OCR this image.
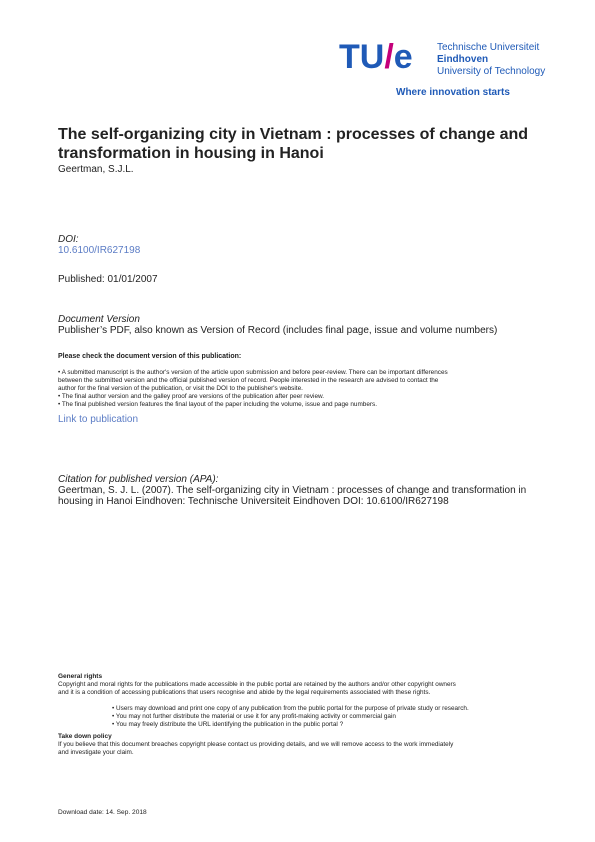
TU/e Technische Universiteit
Eindhoven
University of Technology
Where innovation starts
The self-organizing city in Vietnam : processes of change and transformation in housing in Hanoi
Geertman, S.J.L.
DOI:
10.6100/IR627198
Published: 01/01/2007
Document Version
Publisher’s PDF, also known as Version of Record (includes final page, issue and volume numbers)
Please check the document version of this publication:
• A submitted manuscript is the author's version of the article upon submission and before peer-review. There can be important differences
between the submitted version and the official published version of record. People interested in the research are advised to contact the
author for the final version of the publication, or visit the DOI to the publisher's website.
• The final author version and the galley proof are versions of the publication after peer review.
• The final published version features the final layout of the paper including the volume, issue and page numbers.
Link to publication
Citation for published version (APA):
Geertman, S. J. L. (2007). The self-organizing city in Vietnam : processes of change and transformation in
housing in Hanoi Eindhoven: Technische Universiteit Eindhoven DOI: 10.6100/IR627198
General rights
Copyright and moral rights for the publications made accessible in the public portal are retained by the authors and/or other copyright owners
and it is a condition of accessing publications that users recognise and abide by the legal requirements associated with these rights.
• Users may download and print one copy of any publication from the public portal for the purpose of private study or research.
• You may not further distribute the material or use it for any profit-making activity or commercial gain
• You may freely distribute the URL identifying the publication in the public portal ?
Take down policy
If you believe that this document breaches copyright please contact us providing details, and we will remove access to the work immediately
and investigate your claim.
Download date: 14. Sep. 2018
